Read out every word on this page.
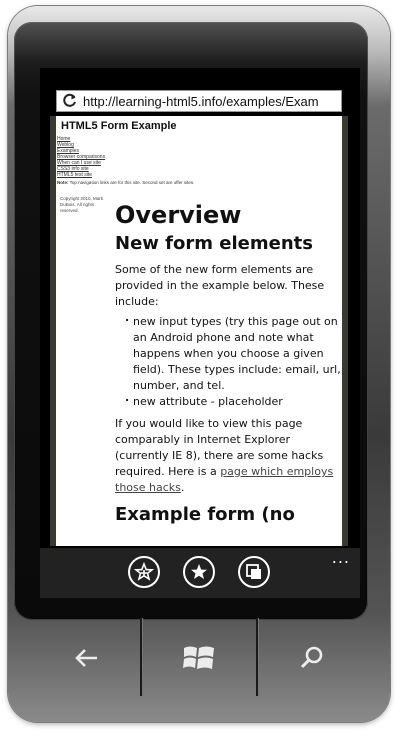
http://learning-html5.info/examples/Exam
HTML5 Form Example
Home
Weblog
Examples
Browser comparisons
When can I use site
CSS3 info site
HTML5 test site
Note: Top navigation links are for this site. Second set are offer sites.
Copyright 2010, Mark DuBois. All rights reserved.	Overview
New form elements

Some of the new form elements are provided in the example below. These include:

. new input types (try this page out on an Android phone and note what happens when you choose a given field). These types include: email, url, number, and tel.
. new attribute - placeholder

If you would like to view this page comparably in Internet Explorer (currently IE 8), there are some hacks required. Here is a page which employs those hacks.

Example form (no
...
